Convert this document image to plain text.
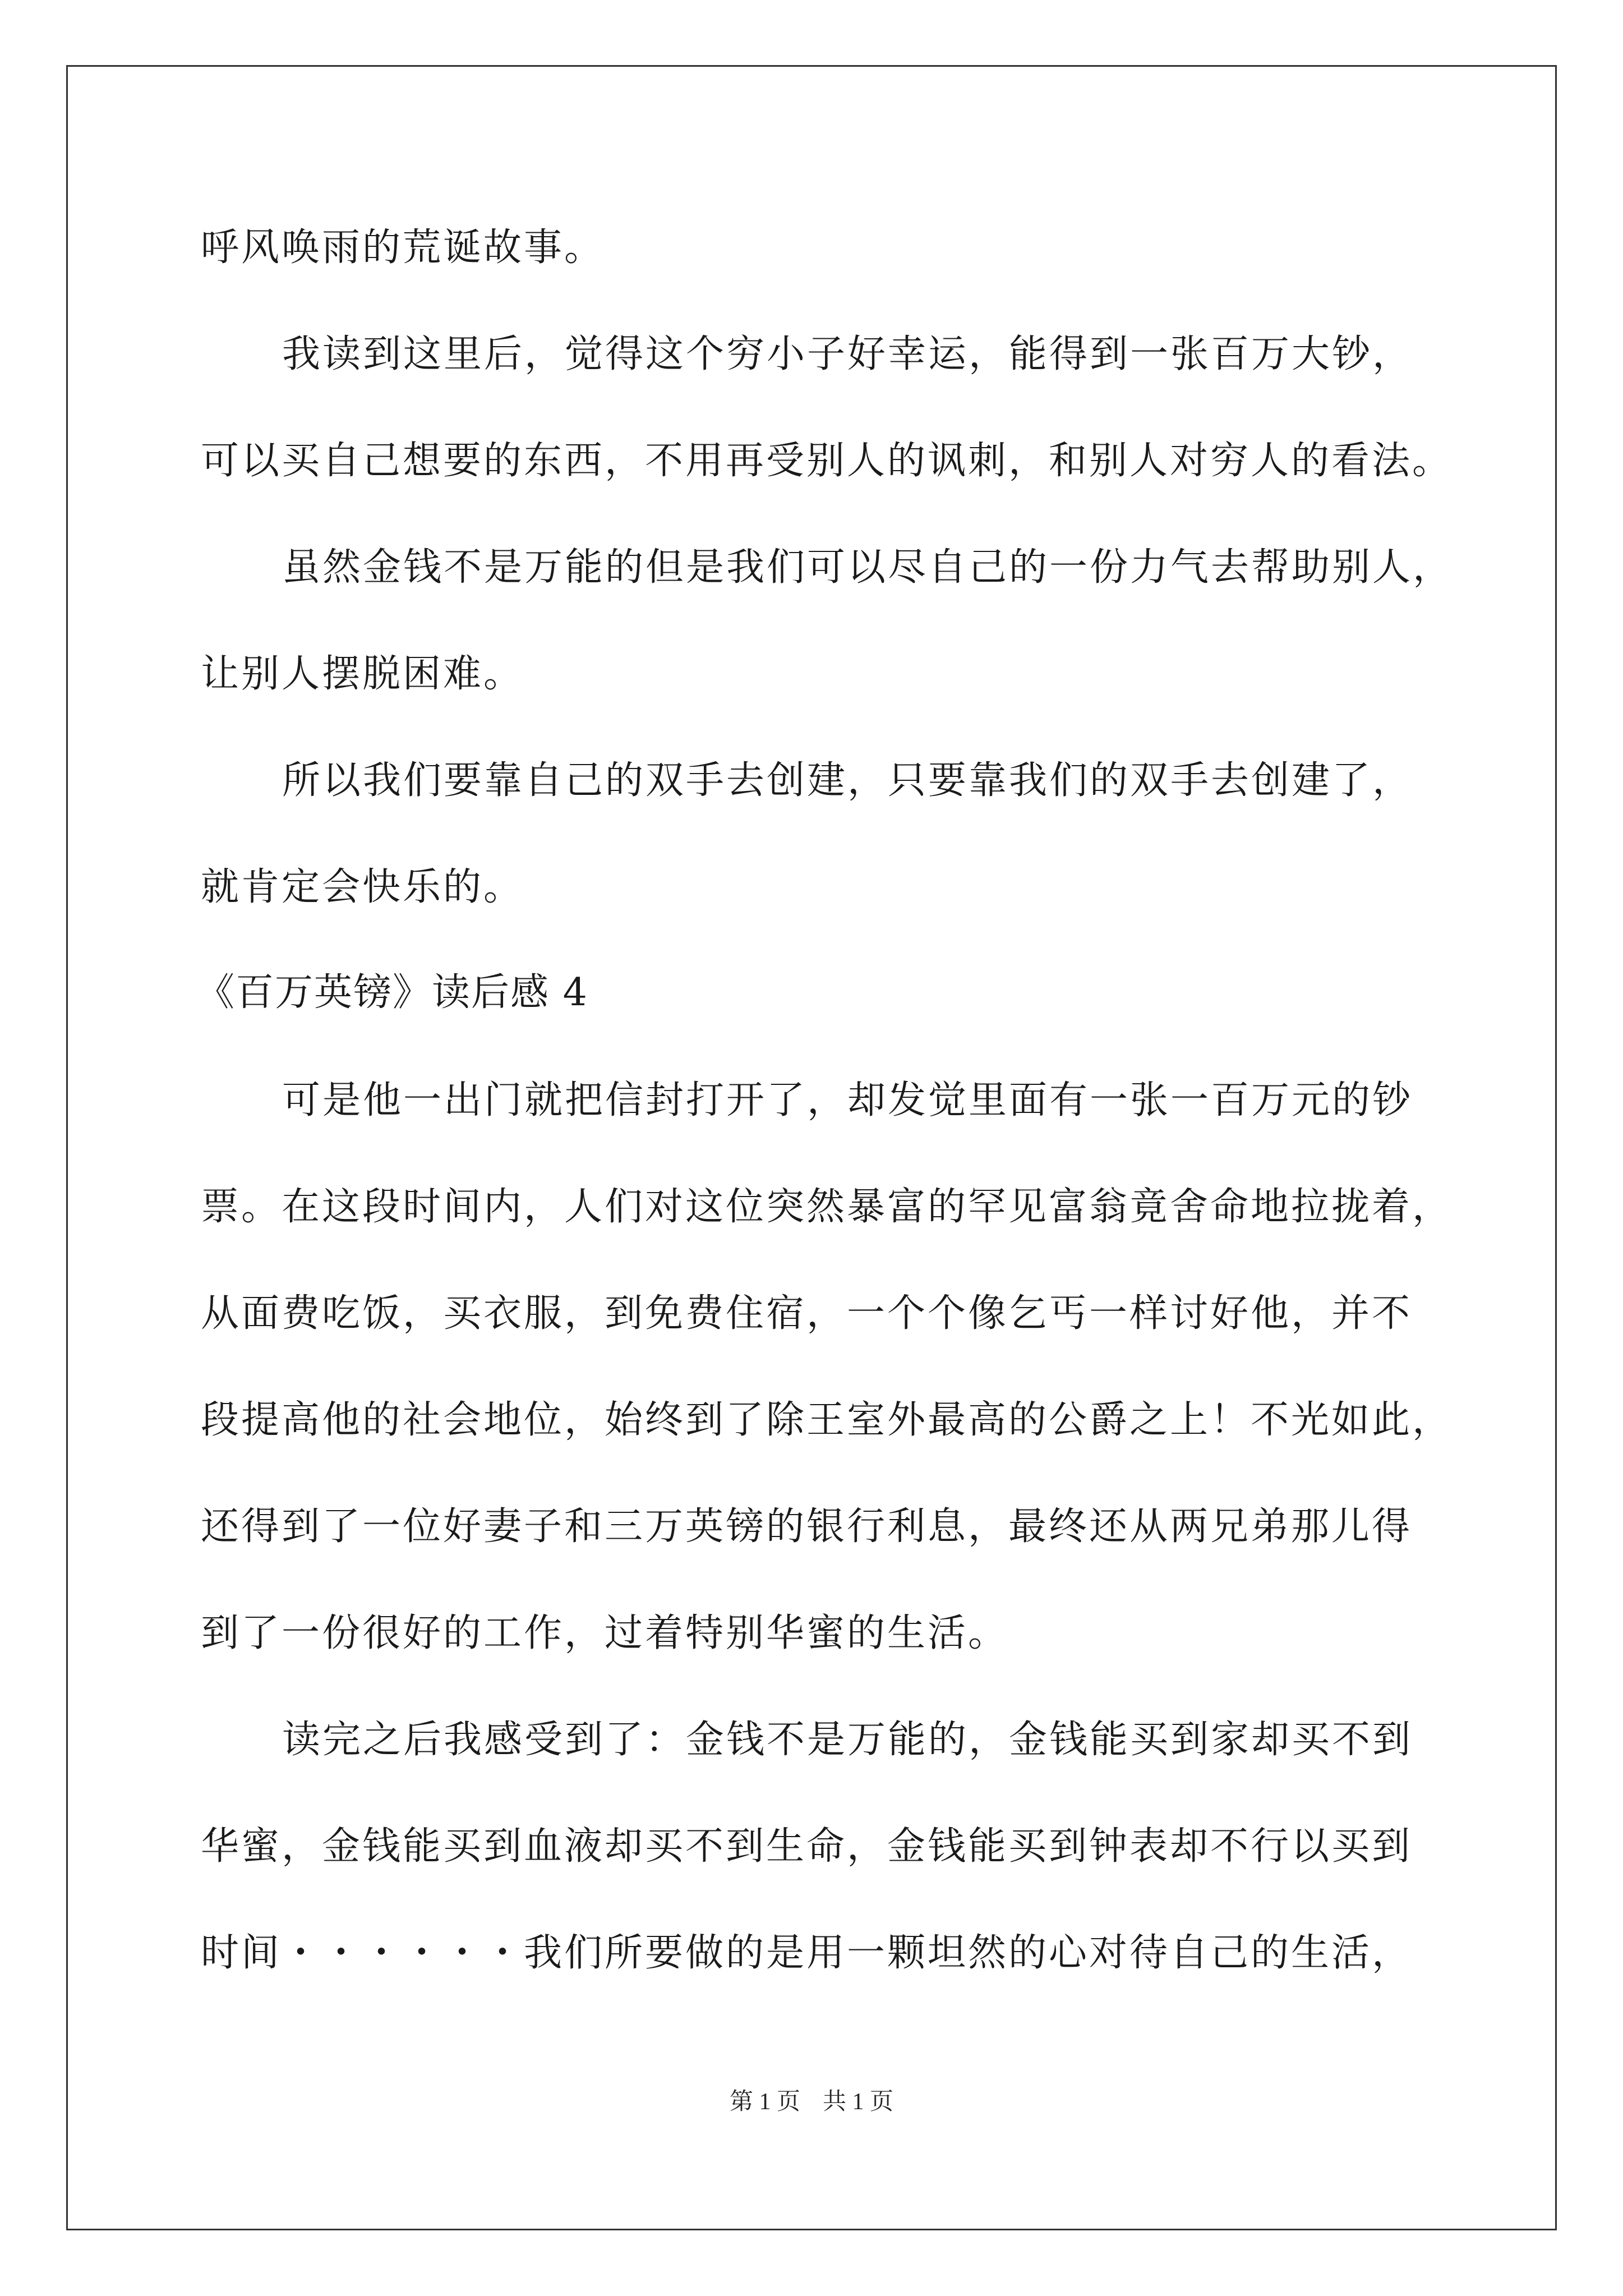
呼风唤雨的荒诞故事。
我读到这里后，觉得这个穷小子好幸运，能得到一张百万大钞，
可以买自己想要的东西，不用再受别人的讽刺，和别人对穷人的看法。
虽然金钱不是万能的但是我们可以尽自己的一份力气去帮助别人，
让别人摆脱困难。
所以我们要靠自己的双手去创建，只要靠我们的双手去创建了，
就肯定会快乐的。
《百万英镑》读后感 4
可是他一出门就把信封打开了，却发觉里面有一张一百万元的钞
票。在这段时间内，人们对这位突然暴富的罕见富翁竟舍命地拉拢着，
从面费吃饭，买衣服，到免费住宿，一个个像乞丐一样讨好他，并不
段提高他的社会地位，始终到了除王室外最高的公爵之上！不光如此，
还得到了一位好妻子和三万英镑的银行利息，最终还从两兄弟那儿得
到了一份很好的工作，过着特别华蜜的生活。
读完之后我感受到了：金钱不是万能的，金钱能买到家却买不到
华蜜，金钱能买到血液却买不到生命，金钱能买到钟表却不行以买到
时间・・・・・・我们所要做的是用一颗坦然的心对待自己的生活，
第 1 页 共 1 页
